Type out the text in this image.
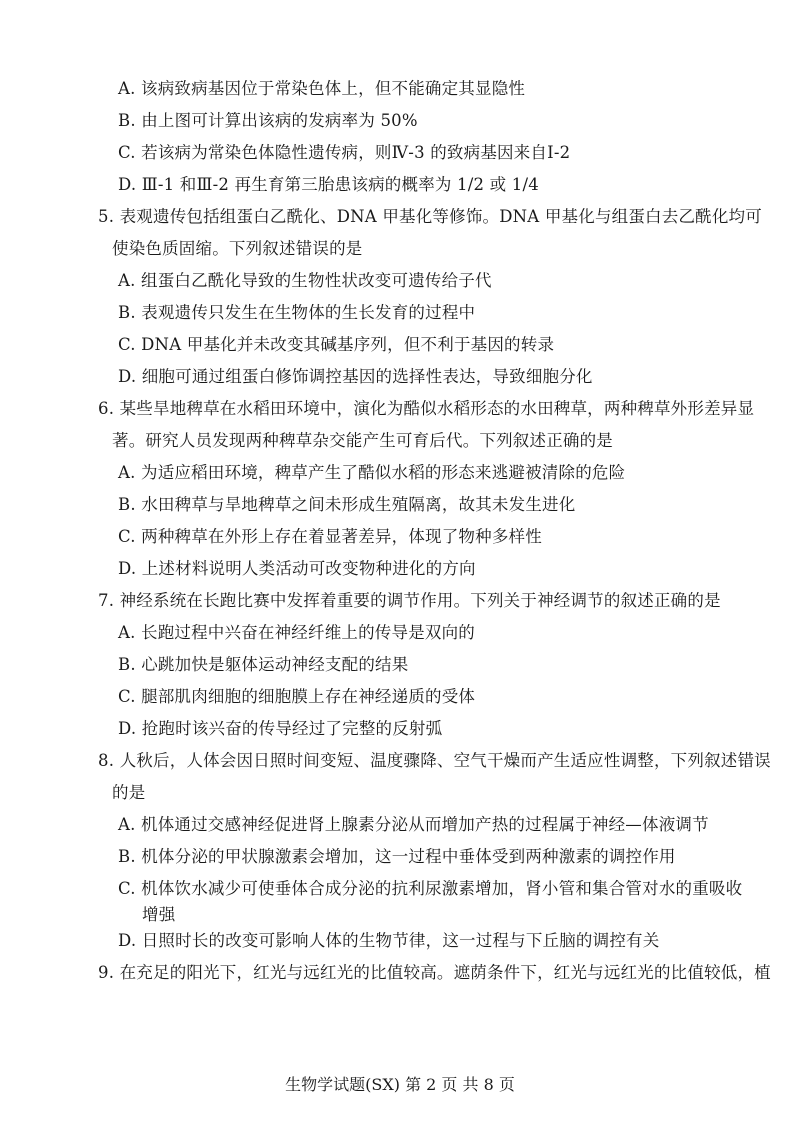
A. 该病致病基因位于常染色体上，但不能确定其显隐性
B. 由上图可计算出该病的发病率为 50%
C. 若该病为常染色体隐性遗传病，则Ⅳ-3 的致病基因来自Ⅰ-2
D. Ⅲ-1 和Ⅲ-2 再生育第三胎患该病的概率为 1/2 或 1/4
5. 表观遗传包括组蛋白乙酰化、DNA 甲基化等修饰。DNA 甲基化与组蛋白去乙酰化均可
使染色质固缩。下列叙述错误的是
A. 组蛋白乙酰化导致的生物性状改变可遗传给子代
B. 表观遗传只发生在生物体的生长发育的过程中
C. DNA 甲基化并未改变其碱基序列，但不利于基因的转录
D. 细胞可通过组蛋白修饰调控基因的选择性表达，导致细胞分化
6. 某些旱地稗草在水稻田环境中，演化为酷似水稻形态的水田稗草，两种稗草外形差异显
著。研究人员发现两种稗草杂交能产生可育后代。下列叙述正确的是
A. 为适应稻田环境，稗草产生了酷似水稻的形态来逃避被清除的危险
B. 水田稗草与旱地稗草之间未形成生殖隔离，故其未发生进化
C. 两种稗草在外形上存在着显著差异，体现了物种多样性
D. 上述材料说明人类活动可改变物种进化的方向
7. 神经系统在长跑比赛中发挥着重要的调节作用。下列关于神经调节的叙述正确的是
A. 长跑过程中兴奋在神经纤维上的传导是双向的
B. 心跳加快是躯体运动神经支配的结果
C. 腿部肌肉细胞的细胞膜上存在神经递质的受体
D. 抢跑时该兴奋的传导经过了完整的反射弧
8. 人秋后，人体会因日照时间变短、温度骤降、空气干燥而产生适应性调整，下列叙述错误
的是
A. 机体通过交感神经促进肾上腺素分泌从而增加产热的过程属于神经—体液调节
B. 机体分泌的甲状腺激素会增加，这一过程中垂体受到两种激素的调控作用
C. 机体饮水减少可使垂体合成分泌的抗利尿激素增加，肾小管和集合管对水的重吸收
增强
D. 日照时长的改变可影响人体的生物节律，这一过程与下丘脑的调控有关
9. 在充足的阳光下，红光与远红光的比值较高。遮荫条件下，红光与远红光的比值较低，植
生物学试题(SX) 第 2 页 共 8 页
